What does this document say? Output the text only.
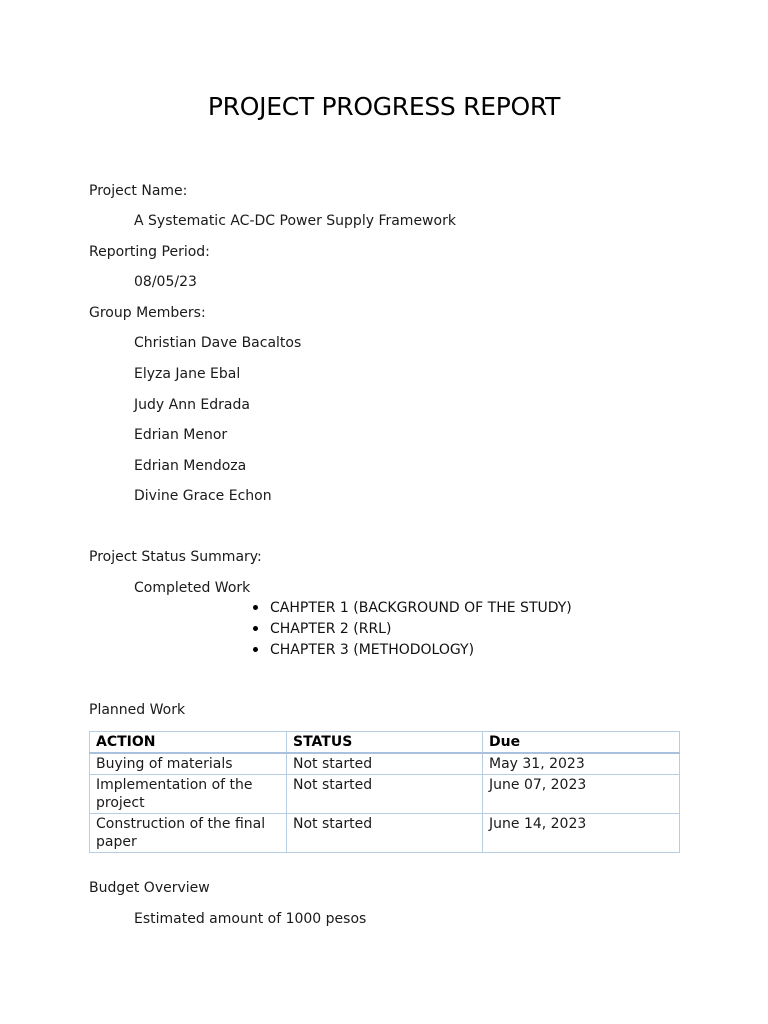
PROJECT PROGRESS REPORT
Project Name:
A Systematic AC-DC Power Supply Framework
Reporting Period:
08/05/23
Group Members:
Christian Dave Bacaltos
Elyza Jane Ebal
Judy Ann Edrada
Edrian Menor
Edrian Mendoza
Divine Grace Echon
Project Status Summary:
Completed Work
CAHPTER 1 (BACKGROUND OF THE STUDY)
CHAPTER 2 (RRL)
CHAPTER 3 (METHODOLOGY)
Planned Work
ACTION	STATUS	Due
Buying of materials	Not started	May 31, 2023
Implementation of the project	Not started	June 07, 2023
Construction of the final paper	Not started	June 14, 2023
Budget Overview
Estimated amount of 1000 pesos
